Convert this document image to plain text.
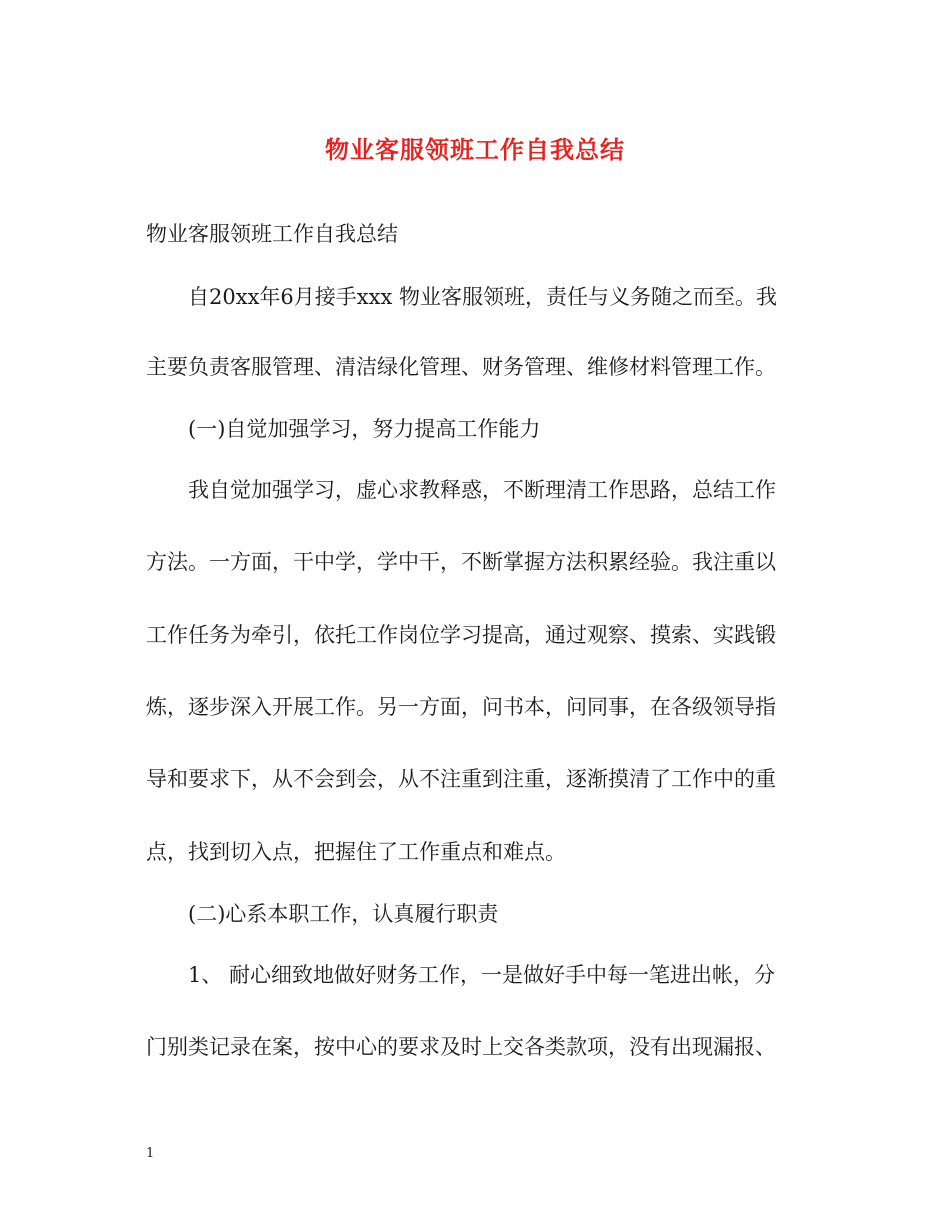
物业客服领班工作自我总结
物业客服领班工作自我总结
自20xx年6月接手xxx 物业客服领班，责任与义务随之而至。我
主要负责客服管理、清洁绿化管理、财务管理、维修材料管理工作。
(一)自觉加强学习，努力提高工作能力
我自觉加强学习，虚心求教释惑，不断理清工作思路，总结工作
方法。一方面，干中学，学中干，不断掌握方法积累经验。我注重以
工作任务为牵引，依托工作岗位学习提高，通过观察、摸索、实践锻
炼，逐步深入开展工作。另一方面，问书本，问同事，在各级领导指
导和要求下，从不会到会，从不注重到注重，逐渐摸清了工作中的重
点，找到切入点，把握住了工作重点和难点。
(二)心系本职工作，认真履行职责
1、 耐心细致地做好财务工作，一是做好手中每一笔进出帐，分
门别类记录在案，按中心的要求及时上交各类款项，没有出现漏报、
1
